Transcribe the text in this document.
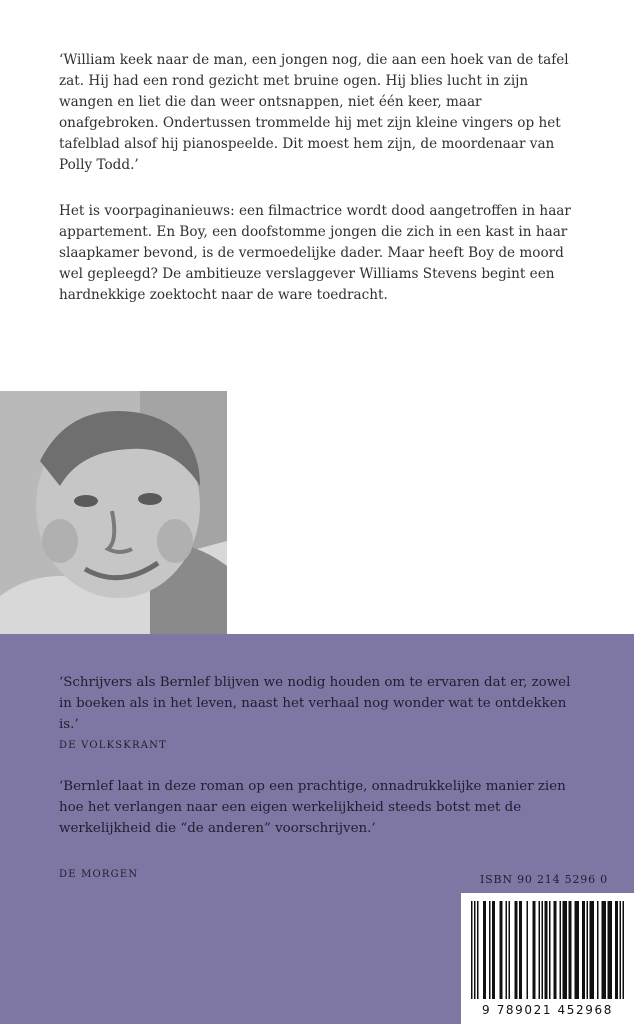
‘William keek naar de man, een jongen nog, die aan een hoek van de tafel zat. Hij had een rond gezicht met bruine ogen. Hij blies lucht in zijn wangen en liet die dan weer ontsnappen, niet één keer, maar onafgebroken. Ondertussen trommelde hij met zijn kleine vingers op het tafelblad alsof hij pianospeelde. Dit moest hem zijn, de moordenaar van Polly Todd.’

Het is voorpaginanieuws: een filmactrice wordt dood aangetroffen in haar appartement. En Boy, een doofstomme jongen die zich in een kast in haar slaapkamer bevond, is de vermoedelijke dader. Maar heeft Boy de moord wel gepleegd? De ambitieuze verslaggever Williams Stevens begint een hardnekkige zoektocht naar de ware toedracht.

‘Schrijvers als Bernlef blijven we nodig houden om te ervaren dat er, zowel in boeken als in het leven, naast het verhaal nog wonder wat te ontdekken is.’

DE VOLKSKRANT

‘Bernlef laat in deze roman op een prachtige, onnadrukkelijke manier zien hoe het verlangen naar een eigen werkelijkheid steeds botst met de werkelijkheid die “de anderen” voorschrijven.’

DE MORGEN	ISBN 90 214 5296 0
9 789021 452968
